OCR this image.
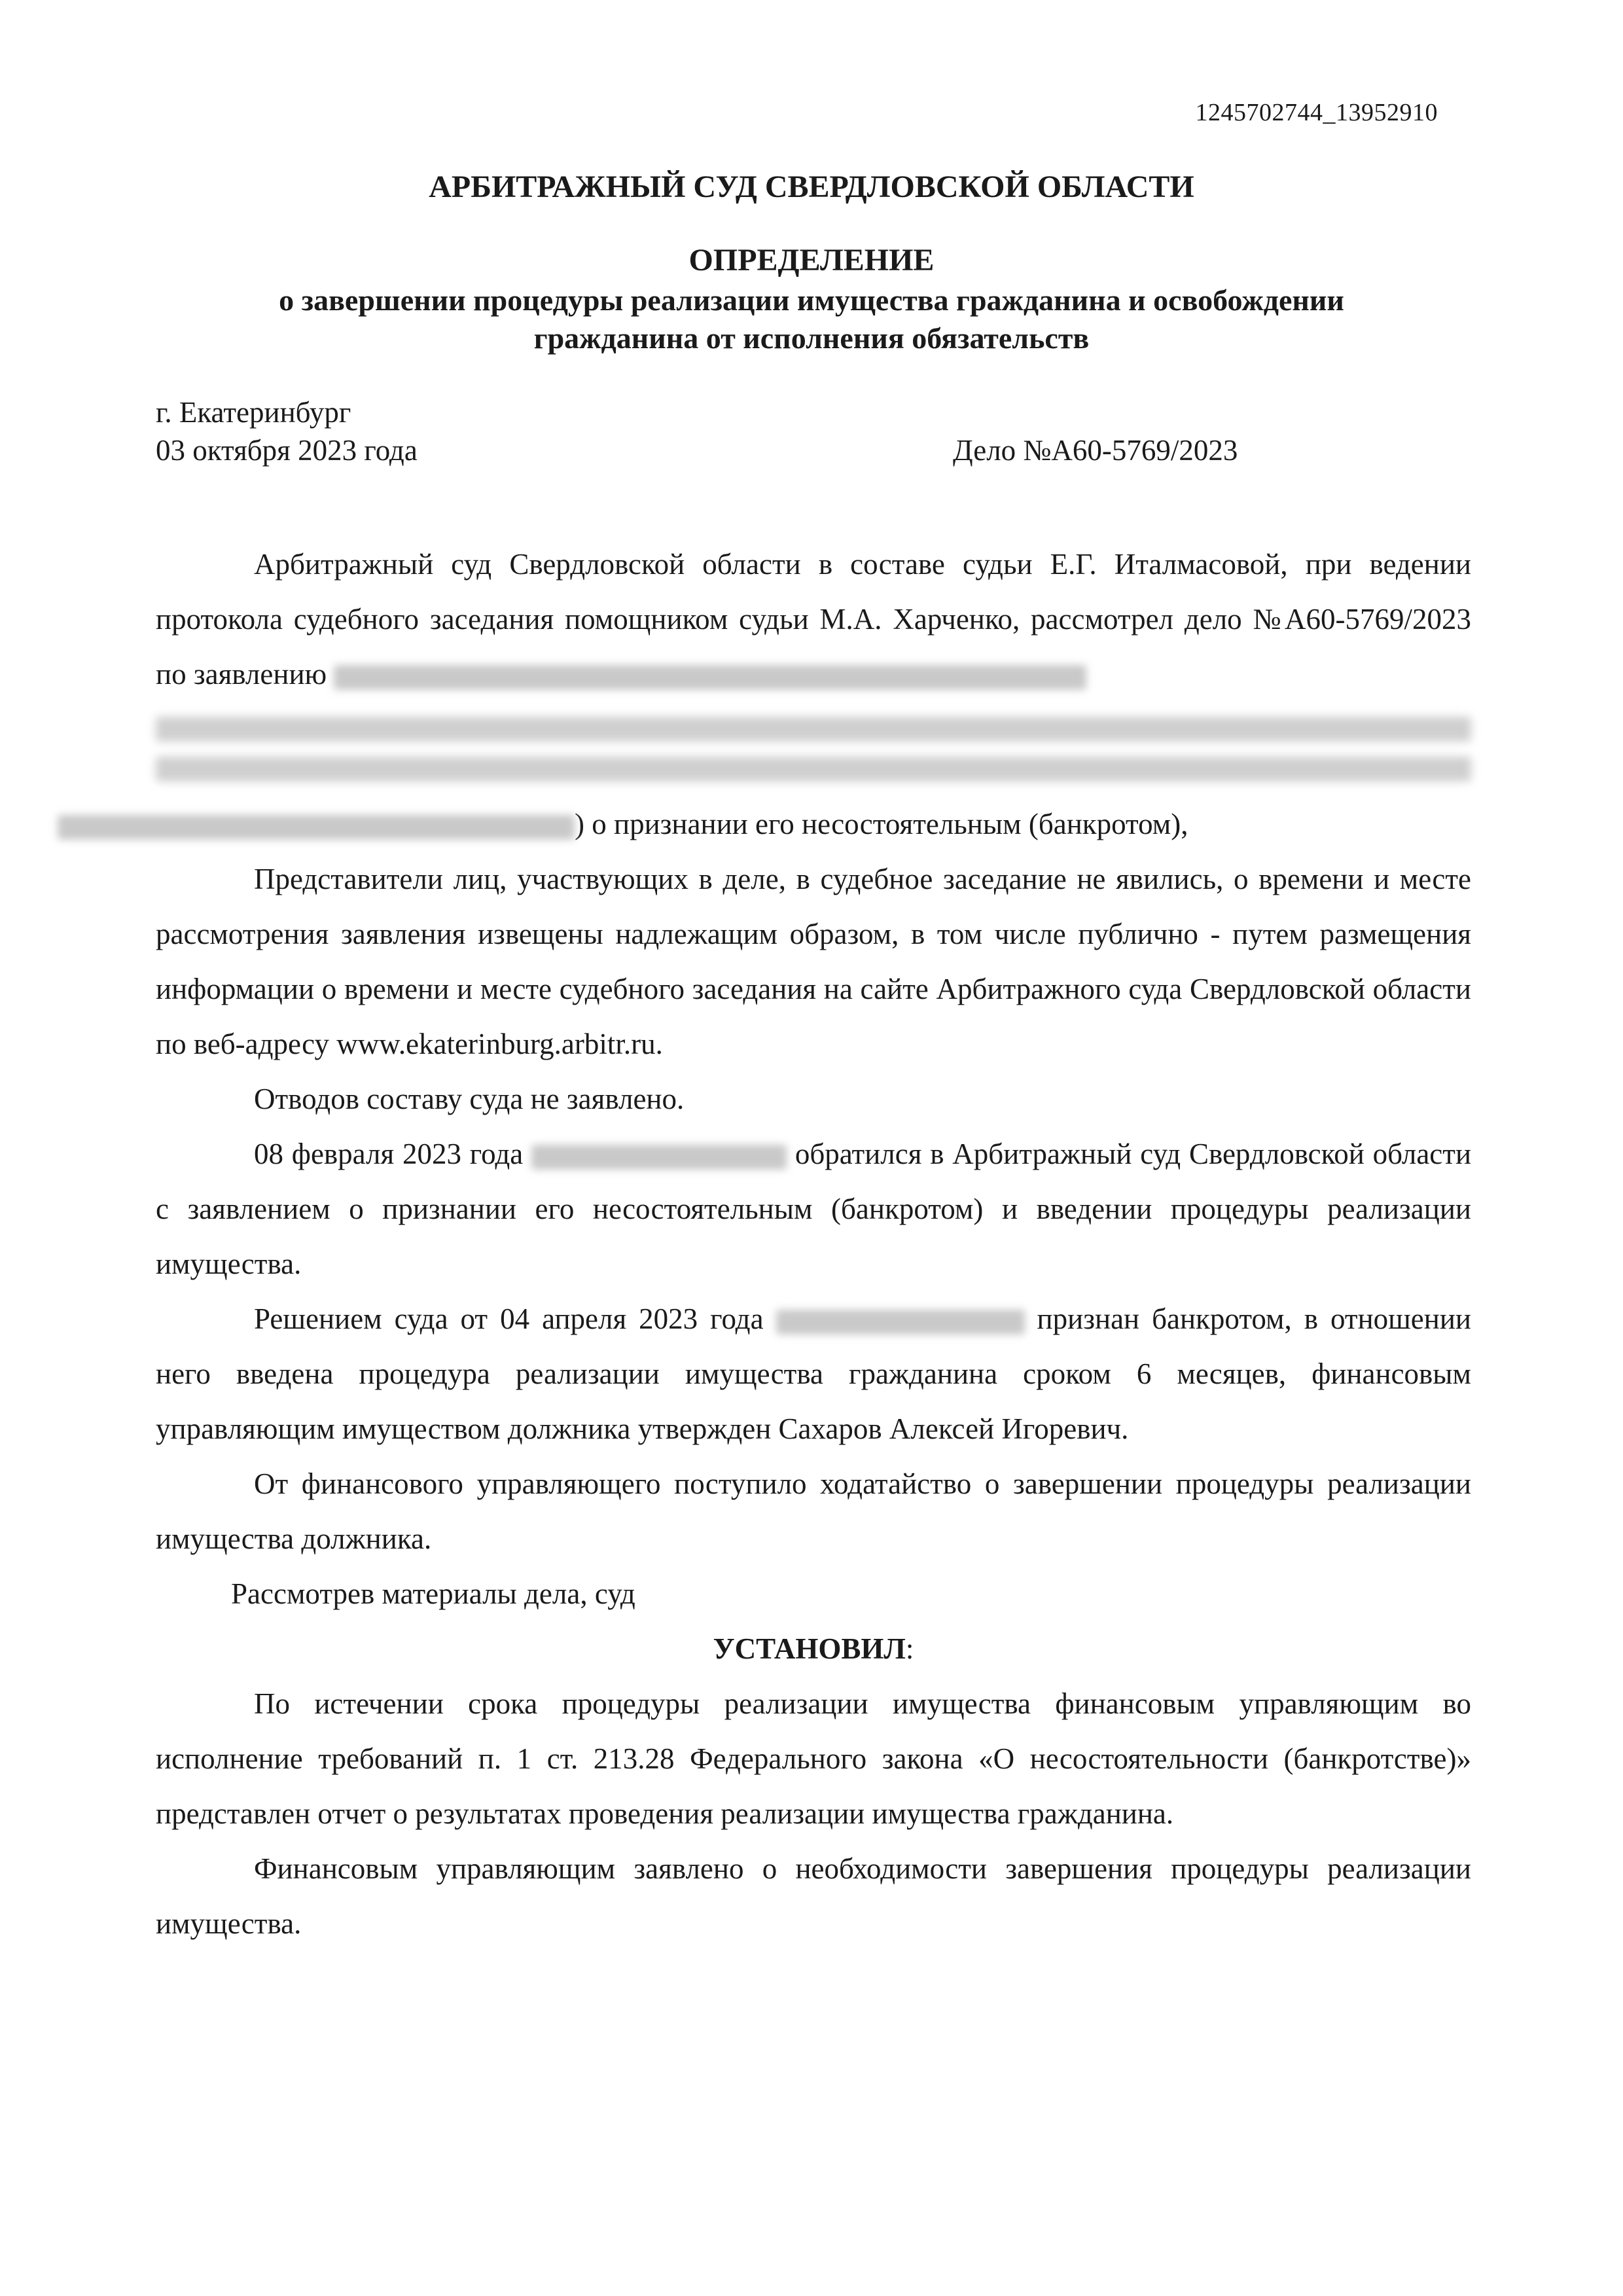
1245702744_13952910
АРБИТРАЖНЫЙ СУД СВЕРДЛОВСКОЙ ОБЛАСТИ
ОПРЕДЕЛЕНИЕ
о завершении процедуры реализации имущества гражданина и освобождении гражданина от исполнения обязательств
г. Екатеринбург
03 октября 2023 года	Дело №А60-5769/2023

Арбитражный суд Свердловской области в составе судьи Е.Г. Италмасовой, при ведении протокола судебного заседания помощником судьи М.А. Харченко, рассмотрел дело №А60-5769/2023 по заявлению
) о признании его несостоятельным (банкротом),

Представители лиц, участвующих в деле, в судебное заседание не явились, о времени и месте рассмотрения заявления извещены надлежащим образом, в том числе публично - путем размещения информации о времени и месте судебного заседания на сайте Арбитражного суда Свердловской области по веб-адресу www.ekaterinburg.arbitr.ru.

Отводов составу суда не заявлено.

08 февраля 2023 года	обратился в Арбитражный суд Свердловской области с заявлением о признании его несостоятельным (банкротом) и введении процедуры реализации имущества.

Решением суда от 04 апреля 2023 года	признан банкротом, в отношении него введена процедура реализации имущества гражданина сроком 6 месяцев, финансовым управляющим имуществом должника утвержден Сахаров Алексей Игоревич.

От финансового управляющего поступило ходатайство о завершении процедуры реализации имущества должника.

Рассмотрев материалы дела, суд

УСТАНОВИЛ:

По истечении срока процедуры реализации имущества финансовым управляющим во исполнение требований п. 1 ст. 213.28 Федерального закона «О несостоятельности (банкротстве)» представлен отчет о результатах проведения реализации имущества гражданина.

Финансовым управляющим заявлено о необходимости завершения процедуры реализации имущества.
